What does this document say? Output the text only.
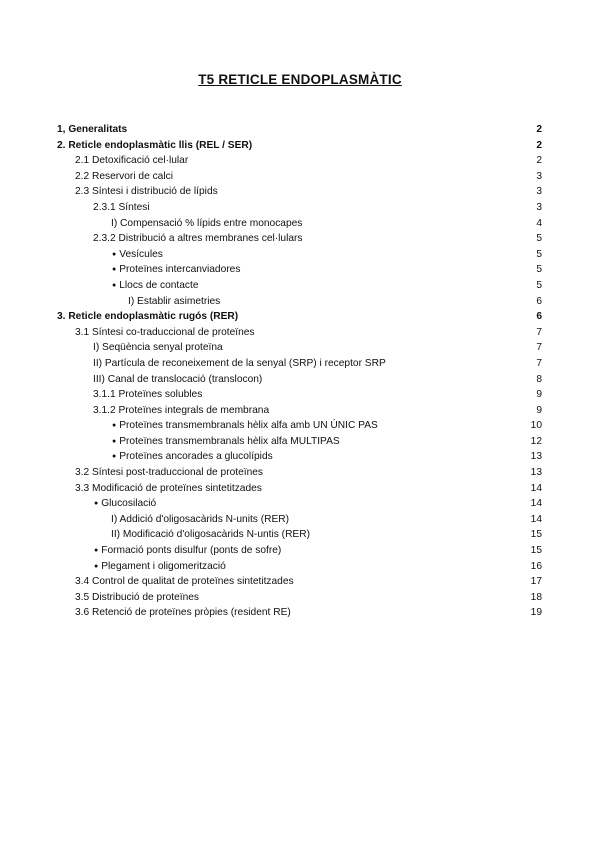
T5 RETICLE ENDOPLASMÀTIC
1, Generalitats	2
2. Reticle endoplasmàtic llis (REL / SER)	2
2.1 Detoxificació cel·lular	2
2.2 Reservori de calci	3
2.3 Síntesi i distribució de lípids	3
2.3.1 Síntesi	3
I) Compensació % lípids entre monocapes	4
2.3.2 Distribució a altres membranes cel·lulars	5
● Vesícules	5
● Proteïnes intercanviadores	5
● Llocs de contacte	5
I) Establir asimetries	6
3. Reticle endoplasmàtic rugós (RER)	6
3.1 Síntesi co-traduccional de proteïnes	7
I) Seqüència senyal proteïna	7
II) Partícula de reconeixement de la senyal (SRP) i receptor SRP	7
III) Canal de translocació (translocon)	8
3.1.1 Proteïnes solubles	9
3.1.2 Proteïnes integrals de membrana	9
● Proteïnes transmembranals hèlix alfa amb UN ÚNIC PAS	10
● Proteïnes transmembranals hèlix alfa MULTIPAS	12
● Proteïnes ancorades a glucolípids	13
3.2 Síntesi post-traduccional de proteïnes	13
3.3 Modificació de proteïnes sintetitzades	14
● Glucosilació	14
I) Addició d'oligosacàrids N-units (RER)	14
II) Modificació d'oligosacàrids N-untis (RER)	15
● Formació ponts disulfur (ponts de sofre)	15
● Plegament i oligomerització	16
3.4 Control de qualitat de proteïnes sintetitzades	17
3.5 Distribució de proteïnes	18
3.6 Retenció de proteïnes pròpies (resident RE)	19
